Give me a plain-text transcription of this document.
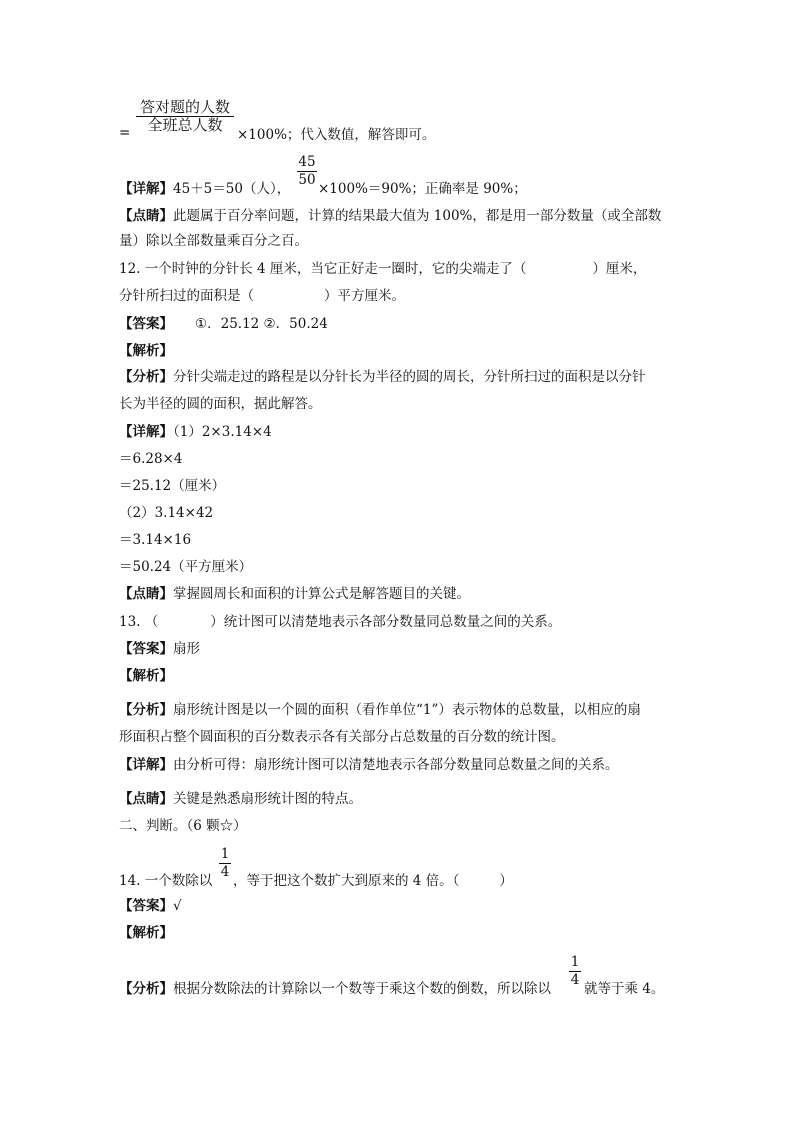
=
答对题的人数
全班总人数
×100%；代入数值，解答即可。
【详解】45＋5＝50（人）， $\frac{45}{50} \times 100\%=90\%$；正确率是 90%；
【点睛】此题属于百分率问题，计算的结果最大值为 100%，都是用一部分数量（或全部数
量）除以全部数量乘百分之百。
12. 一个时钟的分针长 4 厘米，当它正好走一圈时，它的尖端走了（	）厘米，
分针所扫过的面积是（	）平方厘米。
【答案】 ①．25.12 ②．50.24
【解析】
【分析】分针尖端走过的路程是以分针长为半径的圆的周长，分针所扫过的面积是以分针
长为半径的圆的面积，据此解答。
【详解】（1）2×3.14×4
＝6.28×4
＝25.12（厘米）
（2）3.14×42
＝3.14×16
＝50.24（平方厘米）
【点睛】掌握圆周长和面积的计算公式是解答题目的关键。
13. （	）统计图可以清楚地表示各部分数量同总数量之间的关系。
【答案】扇形
【解析】
【分析】扇形统计图是以一个圆的面积（看作单位“1”）表示物体的总数量，以相应的扇
形面积占整个圆面积的百分数表示各有关部分占总数量的百分数的统计图。
【详解】由分析可得：扇形统计图可以清楚地表示各部分数量同总数量之间的关系。
【点睛】关键是熟悉扇形统计图的特点。
二、判断。（6 颗☆）
14. 一个数除以 $\frac{1}{4}$ ，等于把这个数扩大到原来的 4 倍。（	）
【答案】√
【解析】
【分析】根据分数除法的计算除以一个数等于乘这个数的倒数，所以除以 $\frac{1}{4}$ 就等于乘 4。
